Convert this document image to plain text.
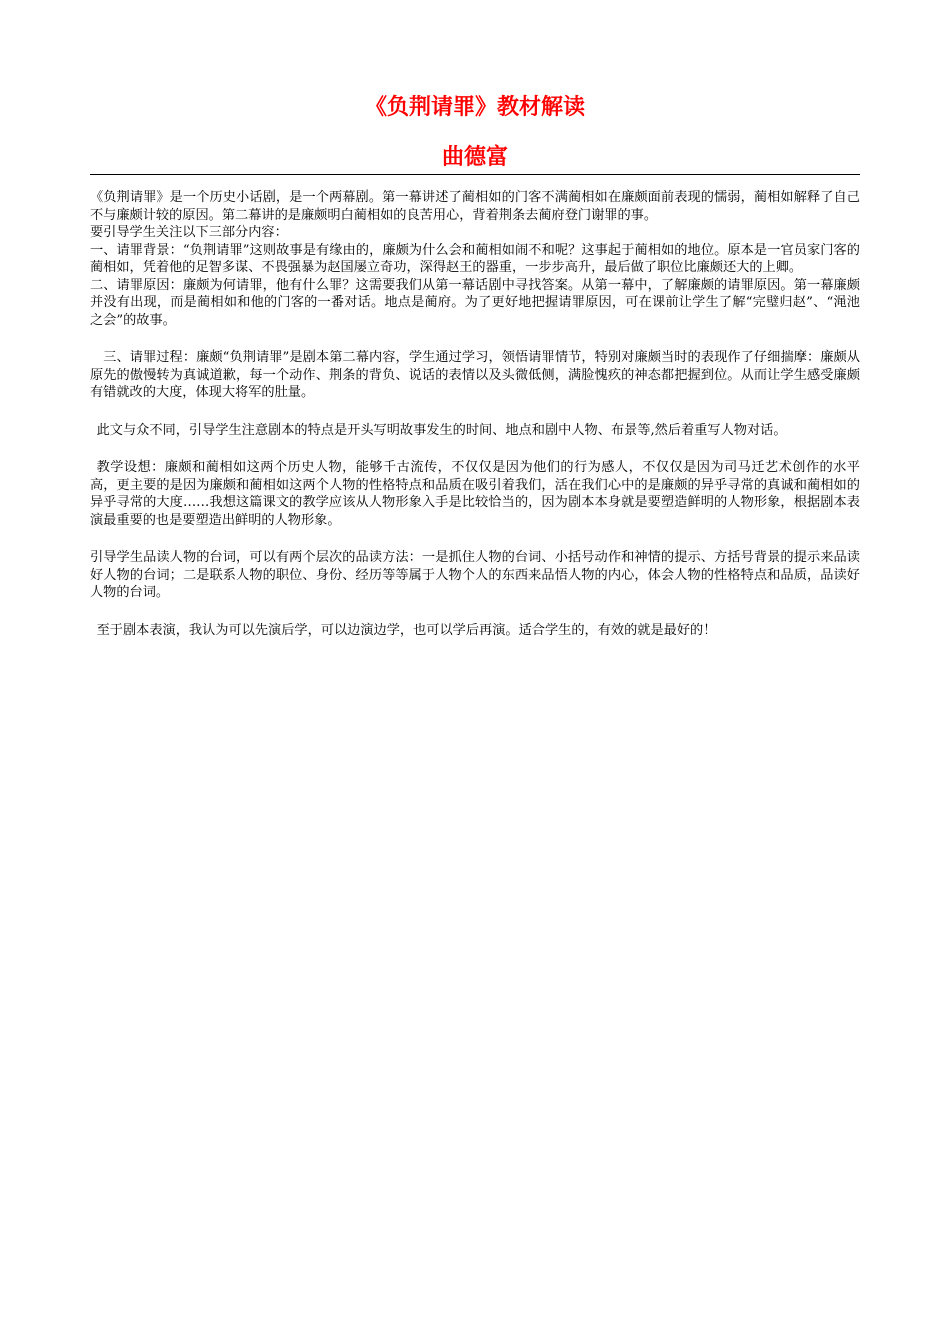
《负荆请罪》教材解读
曲德富

《负荆请罪》是一个历史小话剧，是一个两幕剧。第一幕讲述了蔺相如的门客不满蔺相如在廉颇面前表现的懦弱，蔺相如解释了自己不与廉颇计较的原因。第二幕讲的是廉颇明白蔺相如的良苦用心，背着荆条去蔺府登门谢罪的事。

要引导学生关注以下三部分内容：

一、请罪背景：“负荆请罪”这则故事是有缘由的，廉颇为什么会和蔺相如闹不和呢？这事起于蔺相如的地位。原本是一官员家门客的蔺相如，凭着他的足智多谋、不畏强暴为赵国屡立奇功，深得赵王的器重，一步步高升，最后做了职位比廉颇还大的上卿。

二、请罪原因：廉颇为何请罪，他有什么罪？这需要我们从第一幕话剧中寻找答案。从第一幕中，了解廉颇的请罪原因。第一幕廉颇并没有出现，而是蔺相如和他的门客的一番对话。地点是蔺府。为了更好地把握请罪原因，可在课前让学生了解“完璧归赵”、“渑池之会”的故事。

三、请罪过程：廉颇“负荆请罪”是剧本第二幕内容，学生通过学习，领悟请罪情节，特别对廉颇当时的表现作了仔细揣摩：廉颇从原先的傲慢转为真诚道歉，每一个动作、荆条的背负、说话的表情以及头微低侧，满脸愧疚的神态都把握到位。从而让学生感受廉颇有错就改的大度，体现大将军的肚量。

此文与众不同，引导学生注意剧本的特点是开头写明故事发生的时间、地点和剧中人物、布景等,然后着重写人物对话。

教学设想：廉颇和蔺相如这两个历史人物，能够千古流传，不仅仅是因为他们的行为感人，不仅仅是因为司马迁艺术创作的水平高，更主要的是因为廉颇和蔺相如这两个人物的性格特点和品质在吸引着我们，活在我们心中的是廉颇的异乎寻常的真诚和蔺相如的异乎寻常的大度……我想这篇课文的教学应该从人物形象入手是比较恰当的，因为剧本本身就是要塑造鲜明的人物形象，根据剧本表演最重要的也是要塑造出鲜明的人物形象。

引导学生品读人物的台词，可以有两个层次的品读方法：一是抓住人物的台词、小括号动作和神情的提示、方括号背景的提示来品读好人物的台词；二是联系人物的职位、身份、经历等等属于人物个人的东西来品悟人物的内心，体会人物的性格特点和品质，品读好人物的台词。

至于剧本表演，我认为可以先演后学，可以边演边学，也可以学后再演。适合学生的，有效的就是最好的！
